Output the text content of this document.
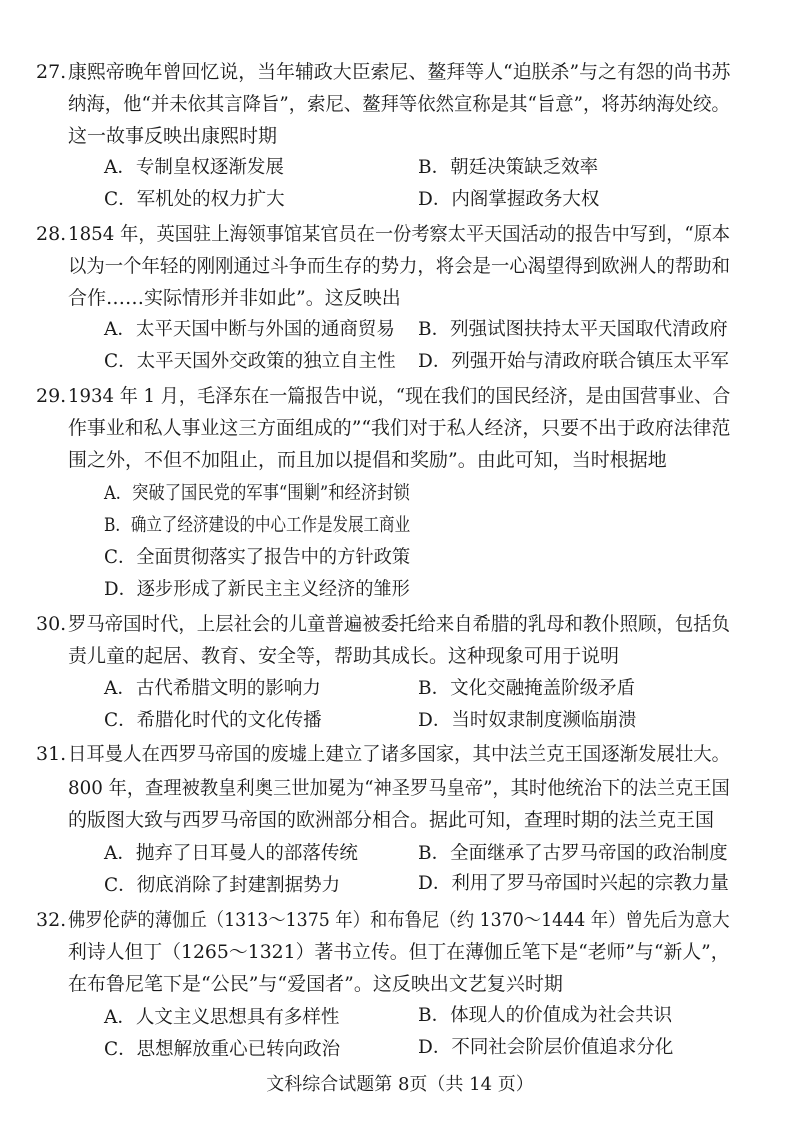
27. 康熙帝晚年曾回忆说，当年辅政大臣索尼、鳌拜等人“迫朕杀”与之有怨的尚书苏
纳海，他“并未依其言降旨”，索尼、鳌拜等依然宣称是其“旨意”，将苏纳海处绞。
这一故事反映出康熙时期
A．专制皇权逐渐发展	B．朝廷决策缺乏效率
C．军机处的权力扩大	D．内阁掌握政务大权
28. 1854 年，英国驻上海领事馆某官员在一份考察太平天国活动的报告中写到，“原本
以为一个年轻的刚刚通过斗争而生存的势力，将会是一心渴望得到欧洲人的帮助和
合作……实际情形并非如此”。这反映出
A．太平天国中断与外国的通商贸易 B．列强试图扶持太平天国取代清政府
C．太平天国外交政策的独立自主性 D．列强开始与清政府联合镇压太平军
29. 1934 年 1 月，毛泽东在一篇报告中说，“现在我们的国民经济，是由国营事业、合
作事业和私人事业这三方面组成的”“我们对于私人经济，只要不出于政府法律范
围之外，不但不加阻止，而且加以提倡和奖励”。由此可知，当时根据地
A．突破了国民党的军事“围剿”和经济封锁
B．确立了经济建设的中心工作是发展工商业
C．全面贯彻落实了报告中的方针政策
D．逐步形成了新民主主义经济的雏形
30. 罗马帝国时代，上层社会的儿童普遍被委托给来自希腊的乳母和教仆照顾，包括负
责儿童的起居、教育、安全等，帮助其成长。这种现象可用于说明
A．古代希腊文明的影响力	B．文化交融掩盖阶级矛盾
C．希腊化时代的文化传播	D．当时奴隶制度濒临崩溃
31. 日耳曼人在西罗马帝国的废墟上建立了诸多国家，其中法兰克王国逐渐发展壮大。
800 年，查理被教皇利奥三世加冕为“神圣罗马皇帝”，其时他统治下的法兰克王国
的版图大致与西罗马帝国的欧洲部分相合。据此可知，查理时期的法兰克王国
A．抛弃了日耳曼人的部落传统	B．全面继承了古罗马帝国的政治制度
C．彻底消除了封建割据势力	D．利用了罗马帝国时兴起的宗教力量
32. 佛罗伦萨的薄伽丘（1313～1375 年）和布鲁尼（约 1370～1444 年）曾先后为意大
利诗人但丁（1265～1321）著书立传。但丁在薄伽丘笔下是“老师”与“新人”，
在布鲁尼笔下是“公民”与“爱国者”。这反映出文艺复兴时期
A．人文主义思想具有多样性	B．体现人的价值成为社会共识
C．思想解放重心已转向政治	D．不同社会阶层价值追求分化
文科综合试题第 8页（共 14 页）
